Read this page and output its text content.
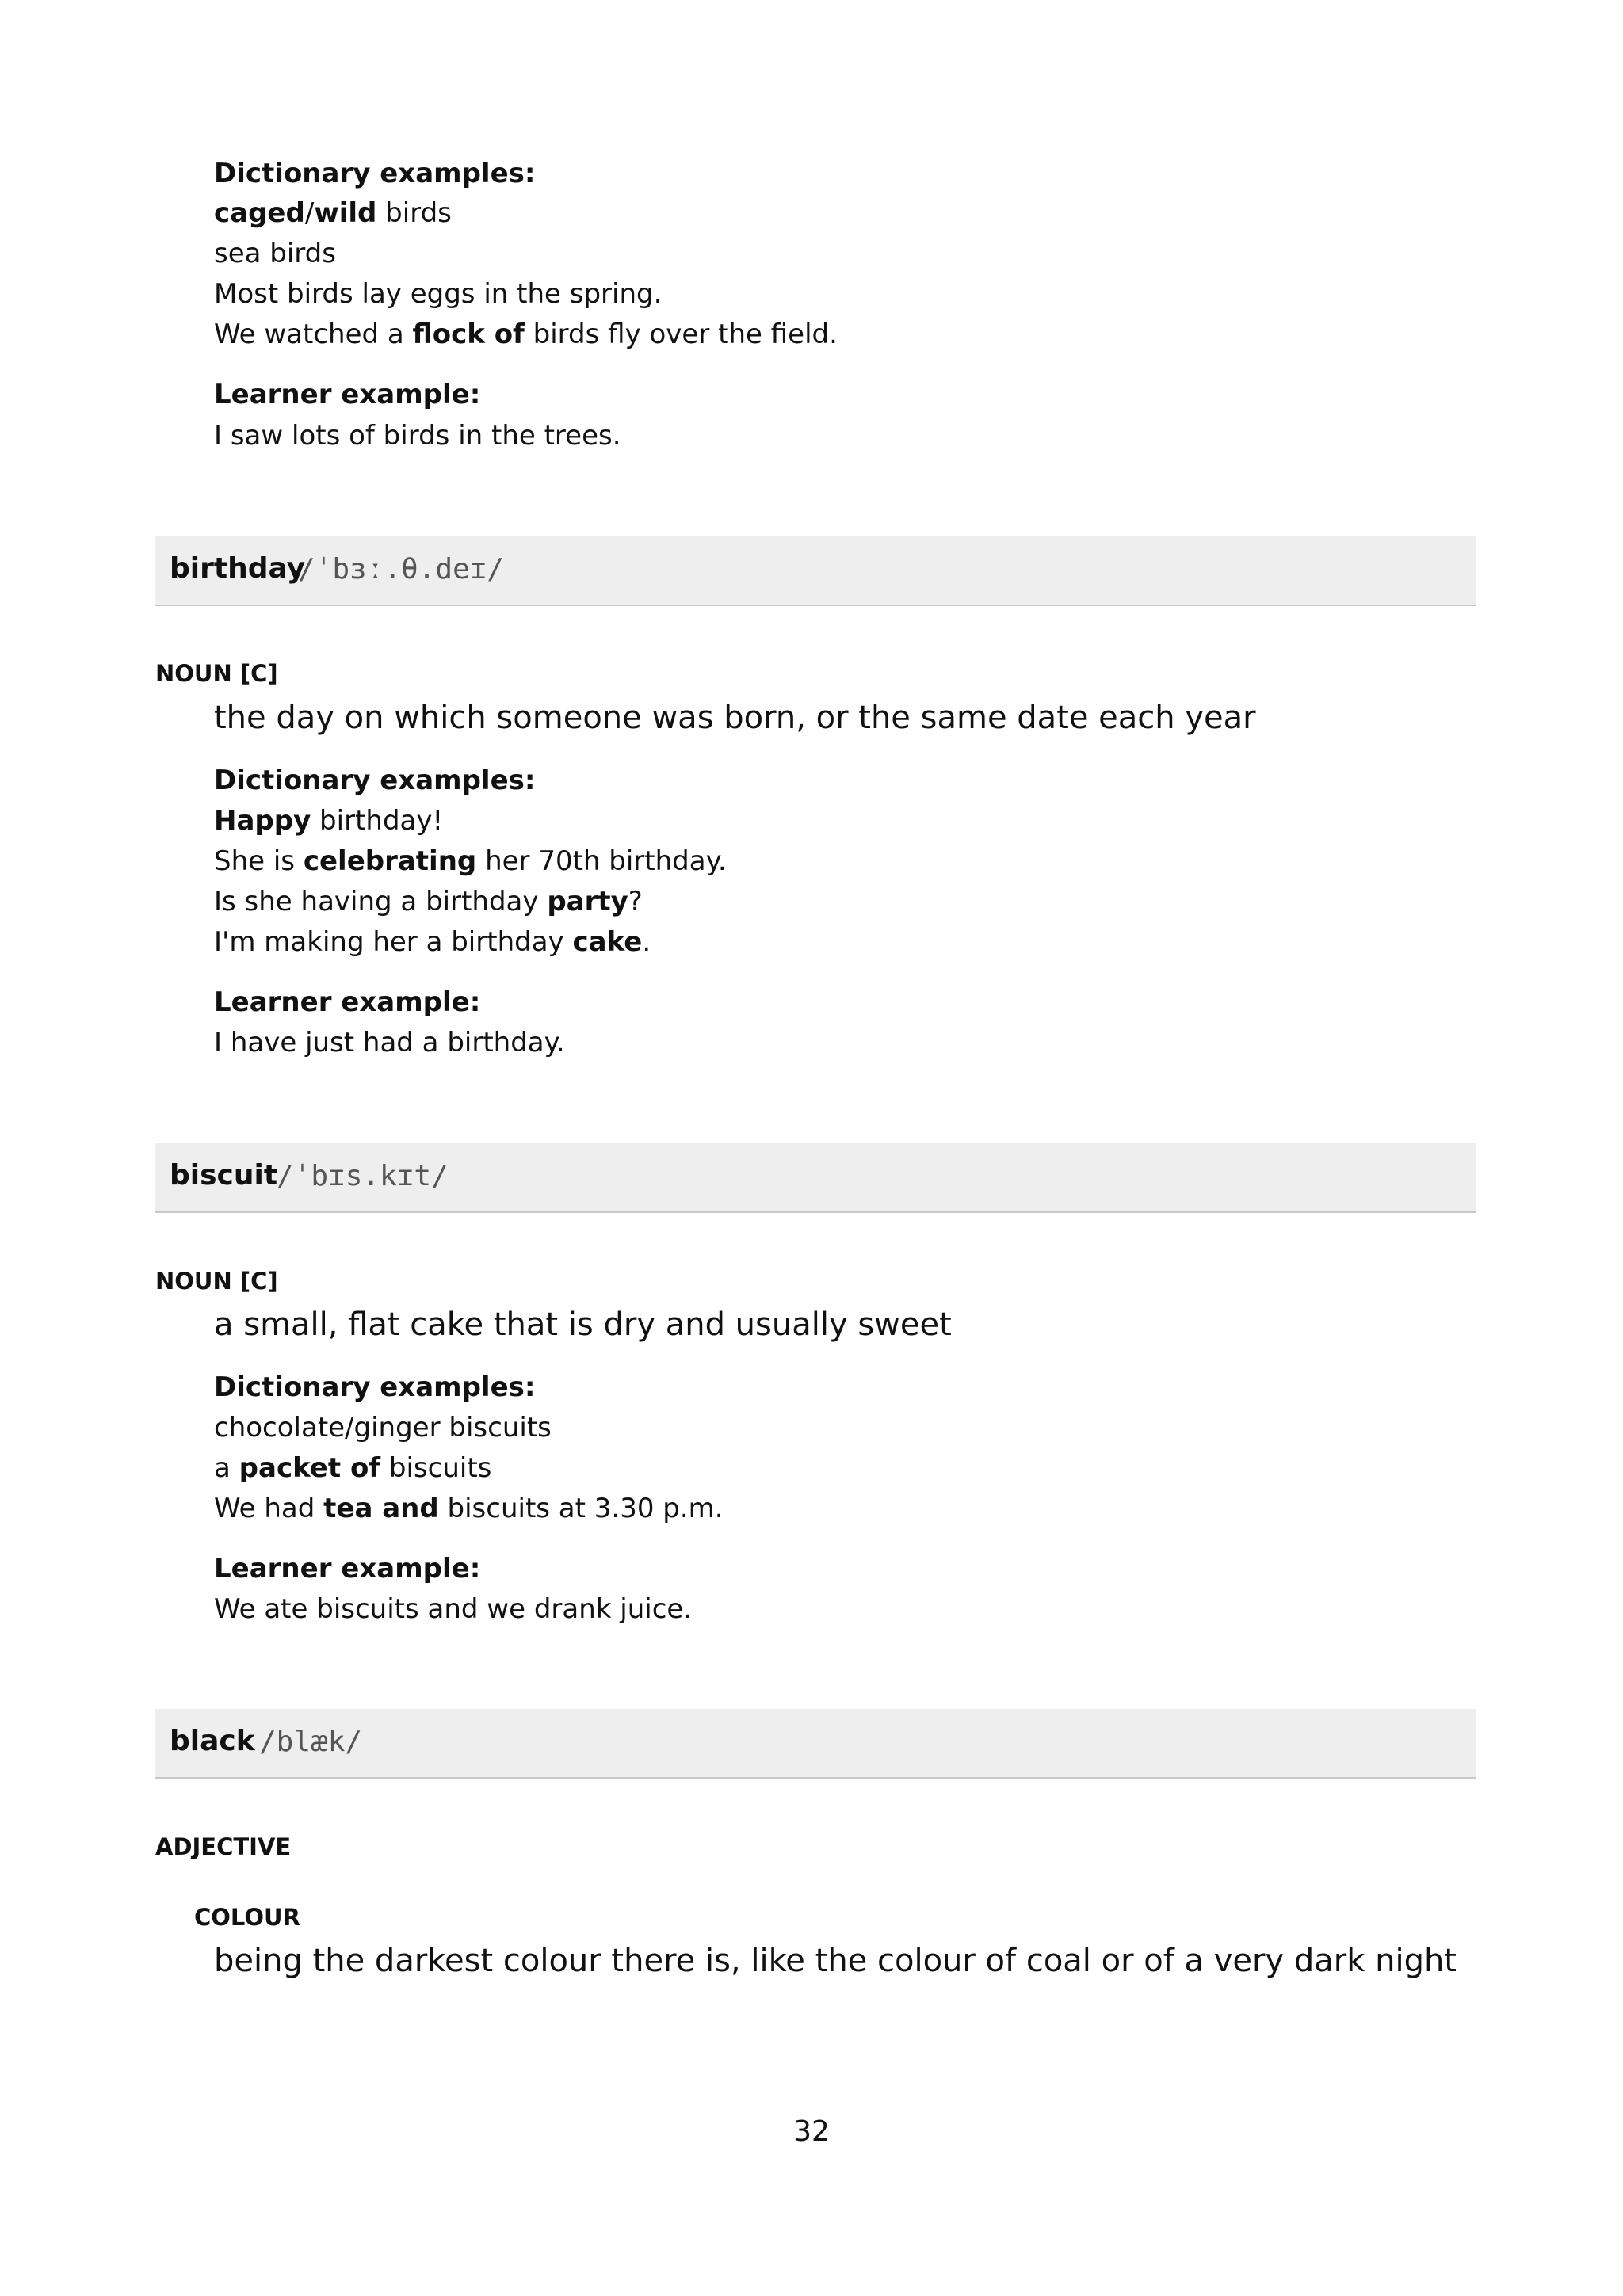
Dictionary examples:
caged/wild birds
sea birds
Most birds lay eggs in the spring.
We watched a flock of birds fly over the field.
Learner example:
I saw lots of birds in the trees.
birthday
/ˈbɜː.θ.deɪ/
NOUN [C]
the day on which someone was born, or the same date each year
Dictionary examples:
Happy birthday!
She is celebrating her 70th birthday.
Is she having a birthday party?
I'm making her a birthday cake.
Learner example:
I have just had a birthday.
biscuit
/ˈbɪs.kɪt/
NOUN [C]
a small, flat cake that is dry and usually sweet
Dictionary examples:
chocolate/ginger biscuits
a packet of biscuits
We had tea and biscuits at 3.30 p.m.
Learner example:
We ate biscuits and we drank juice.
black /blæk/
ADJECTIVE
COLOUR
being the darkest colour there is, like the colour of coal or of a very dark night
32
